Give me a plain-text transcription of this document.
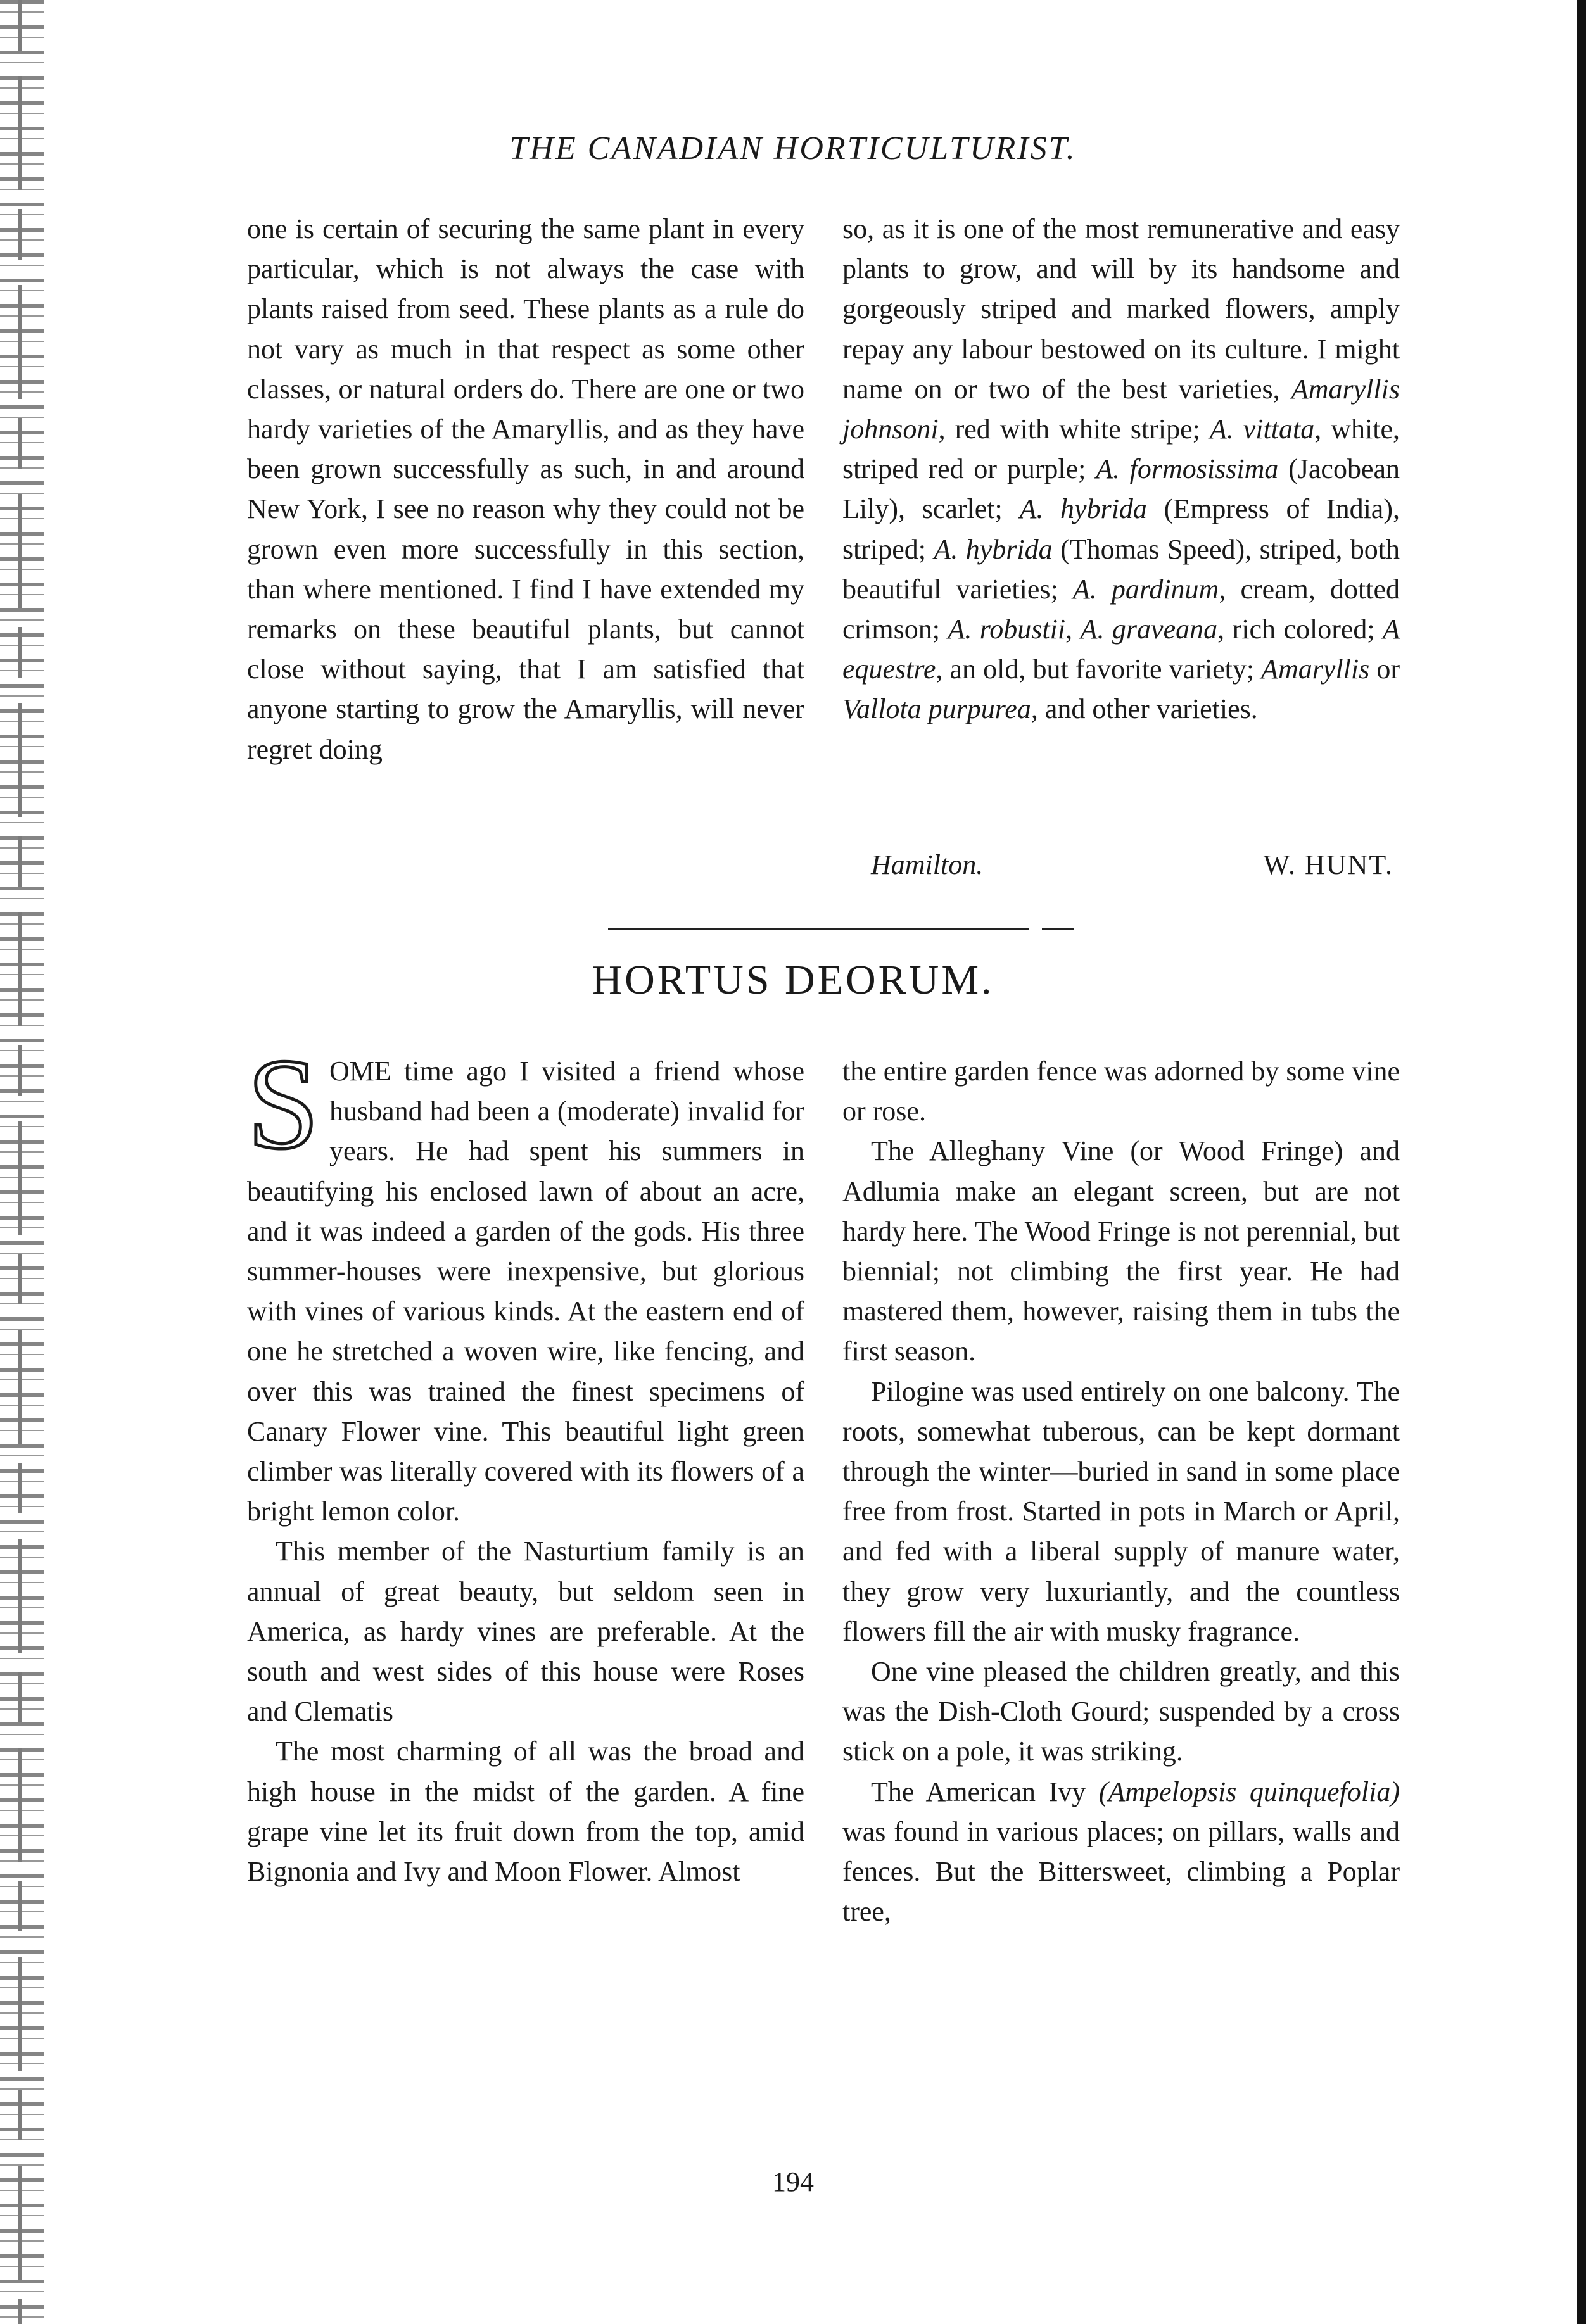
THE CANADIAN HORTICULTURIST.

one is certain of securing the same plant in every particular, which is not always the case with plants raised from seed. These plants as a rule do not vary as much in that respect as some other classes, or natural orders do. There are one or two hardy varieties of the Amaryllis, and as they have been grown successfully as such, in and around New York, I see no reason why they could not be grown even more successfully in this section, than where mentioned. I find I have extended my remarks on these beautiful plants, but cannot close without saying, that I am satisfied that anyone starting to grow the Amaryllis, will never regret doing

so, as it is one of the most remunerative and easy plants to grow, and will by its handsome and gorgeously striped and marked flowers, amply repay any labour bestowed on its culture. I might name on or two of the best varieties, Amaryllis johnsoni, red with white stripe; A. vittata, white, striped red or purple; A. formosissima (Jacobean Lily), scarlet; A. hybrida (Empress of India), striped; A. hybrida (Thomas Speed), striped, both beautiful varieties; A. pardinum, cream, dotted crimson; A. robustii, A. graveana, rich colored; A equestre, an old, but favorite variety; Amaryllis or Vallota purpurea, and other varieties.

Hamilton.	W. HUNT.
HORTUS DEORUM.

SOME time ago I visited a friend whose husband had been a (moderate) invalid for years. He had spent his summers in beautifying his enclosed lawn of about an acre, and it was indeed a garden of the gods. His three summer-houses were inexpensive, but glorious with vines of various kinds. At the eastern end of one he stretched a woven wire, like fencing, and over this was trained the finest specimens of Canary Flower vine. This beautiful light green climber was literally covered with its flowers of a bright lemon color.

This member of the Nasturtium family is an annual of great beauty, but seldom seen in America, as hardy vines are preferable. At the south and west sides of this house were Roses and Clematis

The most charming of all was the broad and high house in the midst of the garden. A fine grape vine let its fruit down from the top, amid Bignonia and Ivy and Moon Flower. Almost

the entire garden fence was adorned by some vine or rose.

The Alleghany Vine (or Wood Fringe) and Adlumia make an elegant screen, but are not hardy here. The Wood Fringe is not perennial, but biennial; not climbing the first year. He had mastered them, however, raising them in tubs the first season.

Pilogine was used entirely on one balcony. The roots, somewhat tuberous, can be kept dormant through the winter—buried in sand in some place free from frost. Started in pots in March or April, and fed with a liberal supply of manure water, they grow very luxuriantly, and the countless flowers fill the air with musky fragrance.

One vine pleased the children greatly, and this was the Dish-Cloth Gourd; suspended by a cross stick on a pole, it was striking.

The American Ivy (Ampelopsis quinquefolia) was found in various places; on pillars, walls and fences. But the Bittersweet, climbing a Poplar tree,

194
